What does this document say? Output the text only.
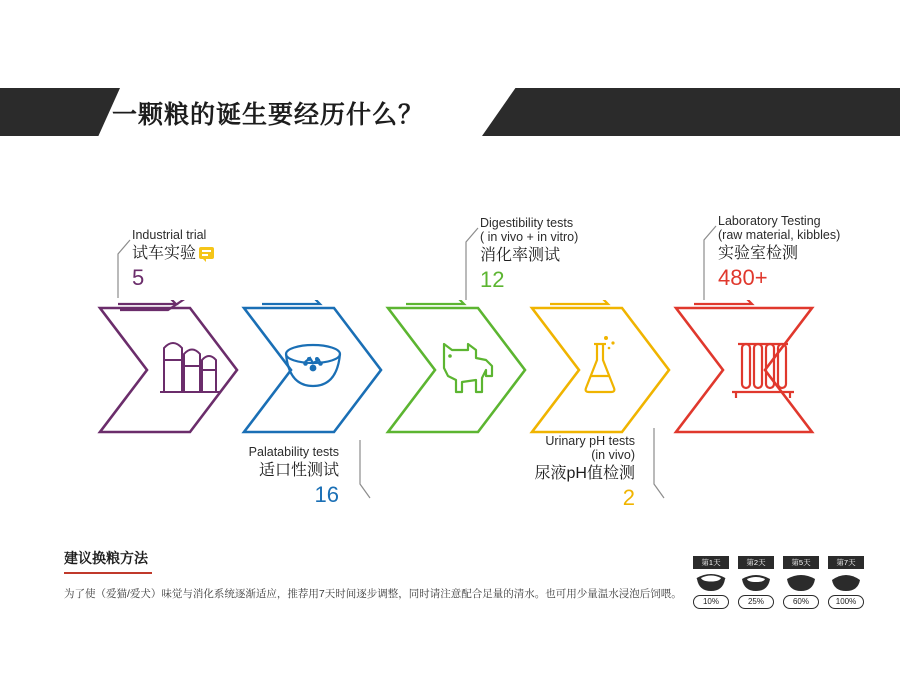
一颗粮的诞生要经历什么？
Industrial trial
试车实验
5
Palatability tests
适口性测试
16
Digestibility tests
( in vivo + in vitro)
消化率测试
12
Urinary pH tests
(in vivo)
尿液pH值检测
2
Laboratory Testing
(raw material, kibbles)
实验室检测
480+
建议换粮方法
为了使（爱猫/爱犬）味觉与消化系统逐渐适应，推荐用7天时间逐步调整，同时请注意配合足量的清水。也可用少量温水浸泡后饲喂。
第1天
10%
第2天
25%
第5天
60%
第7天
100%
